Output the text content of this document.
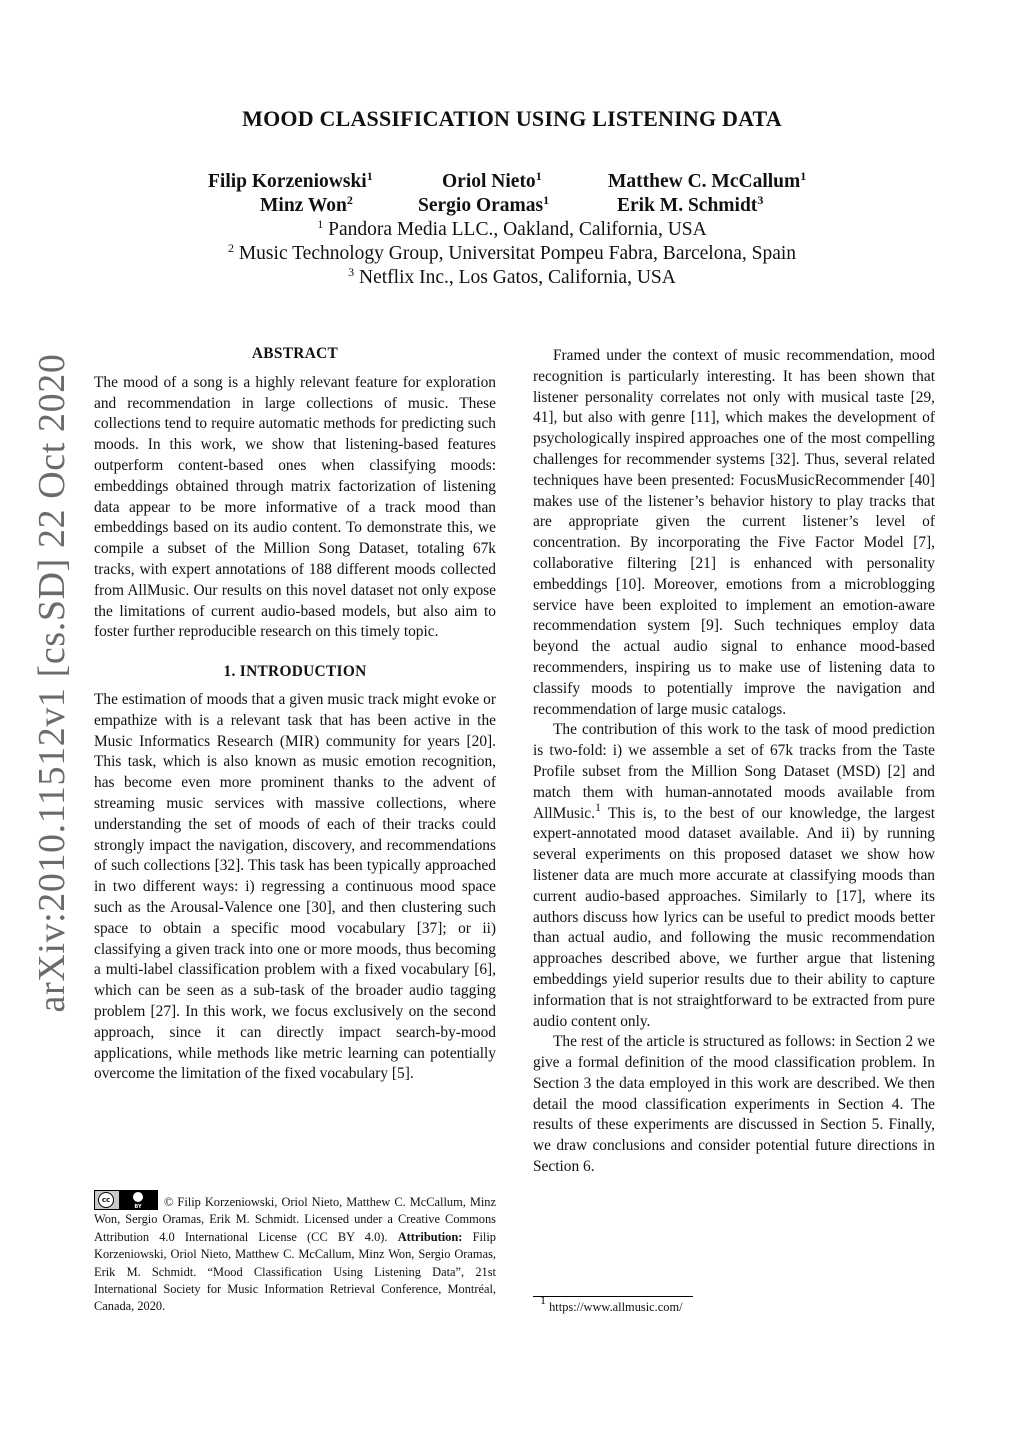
MOOD CLASSIFICATION USING LISTENING DATA
Filip Korzeniowski$^1$	Oriol Nieto$^1$	Matthew C. McCallum$^1$
Minz Won$^2$	Sergio Oramas$^1$	Erik M. Schmidt$^3$
$^1$ Pandora Media LLC., Oakland, California, USA
$^2$ Music Technology Group, Universitat Pompeu Fabra, Barcelona, Spain
$^3$ Netflix Inc., Los Gatos, California, USA
arXiv:2010.11512v1 [cs.SD] 22 Oct 2020
ABSTRACT

The mood of a song is a highly relevant feature for exploration and recommendation in large collections of music. These collections tend to require automatic methods for predicting such moods. In this work, we show that listening-based features outperform content-based ones when classifying moods: embeddings obtained through matrix factorization of listening data appear to be more informative of a track mood than embeddings based on its audio content. To demonstrate this, we compile a subset of the Million Song Dataset, totaling 67k tracks, with expert annotations of 188 different moods collected from AllMusic. Our results on this novel dataset not only expose the limitations of current audio-based models, but also aim to foster further reproducible research on this timely topic.

1. INTRODUCTION

The estimation of moods that a given music track might evoke or empathize with is a relevant task that has been active in the Music Informatics Research (MIR) community for years [20]. This task, which is also known as music emotion recognition, has become even more prominent thanks to the advent of streaming music services with massive collections, where understanding the set of moods of each of their tracks could strongly impact the navigation, discovery, and recommendations of such collections [32]. This task has been typically approached in two different ways: i) regressing a continuous mood space such as the Arousal-Valence one [30], and then clustering such space to obtain a specific mood vocabulary [37]; or ii) classifying a given track into one or more moods, thus becoming a multi-label classification problem with a fixed vocabulary [6], which can be seen as a sub-task of the broader audio tagging problem [27]. In this work, we focus exclusively on the second approach, since it can directly impact search-by-mood applications, while methods like metric learning can potentially overcome the limitation of the fixed vocabulary [5].

cc
BY	© Filip Korzeniowski, Oriol Nieto, Matthew C. McCallum, Minz Won, Sergio Oramas, Erik M. Schmidt. Licensed under a Creative Commons Attribution 4.0 International License (CC BY 4.0). Attribution: Filip Korzeniowski, Oriol Nieto, Matthew C. McCallum, Minz Won, Sergio Oramas, Erik M. Schmidt. “Mood Classification Using Listening Data”, 21st International Society for Music Information Retrieval Conference, Montréal, Canada, 2020.

Framed under the context of music recommendation, mood recognition is particularly interesting. It has been shown that listener personality correlates not only with musical taste [29, 41], but also with genre [11], which makes the development of psychologically inspired approaches one of the most compelling challenges for recommender systems [32]. Thus, several related techniques have been presented: FocusMusicRecommender [40] makes use of the listener’s behavior history to play tracks that are appropriate given the current listener’s level of concentration. By incorporating the Five Factor Model [7], collaborative filtering [21] is enhanced with personality embeddings [10]. Moreover, emotions from a microblogging service have been exploited to implement an emotion-aware recommendation system [9]. Such techniques employ data beyond the actual audio signal to enhance mood-based recommenders, inspiring us to make use of listening data to classify moods to potentially improve the navigation and recommendation of large music catalogs.

The contribution of this work to the task of mood prediction is two-fold: i) we assemble a set of 67k tracks from the Taste Profile subset from the Million Song Dataset (MSD) [2] and match them with human-annotated moods available from AllMusic.$^1$ This is, to the best of our knowledge, the largest expert-annotated mood dataset available. And ii) by running several experiments on this proposed dataset we show how listener data are much more accurate at classifying moods than current audio-based approaches. Similarly to [17], where its authors discuss how lyrics can be useful to predict moods better than actual audio, and following the music recommendation approaches described above, we further argue that listening embeddings yield superior results due to their ability to capture information that is not straightforward to be extracted from pure audio content only.

The rest of the article is structured as follows: in Section 2 we give a formal definition of the mood classification problem. In Section 3 the data employed in this work are described. We then detail the mood classification experiments in Section 4. The results of these experiments are discussed in Section 5. Finally, we draw conclusions and consider potential future directions in Section 6.

$^1$ https://www.allmusic.com/
